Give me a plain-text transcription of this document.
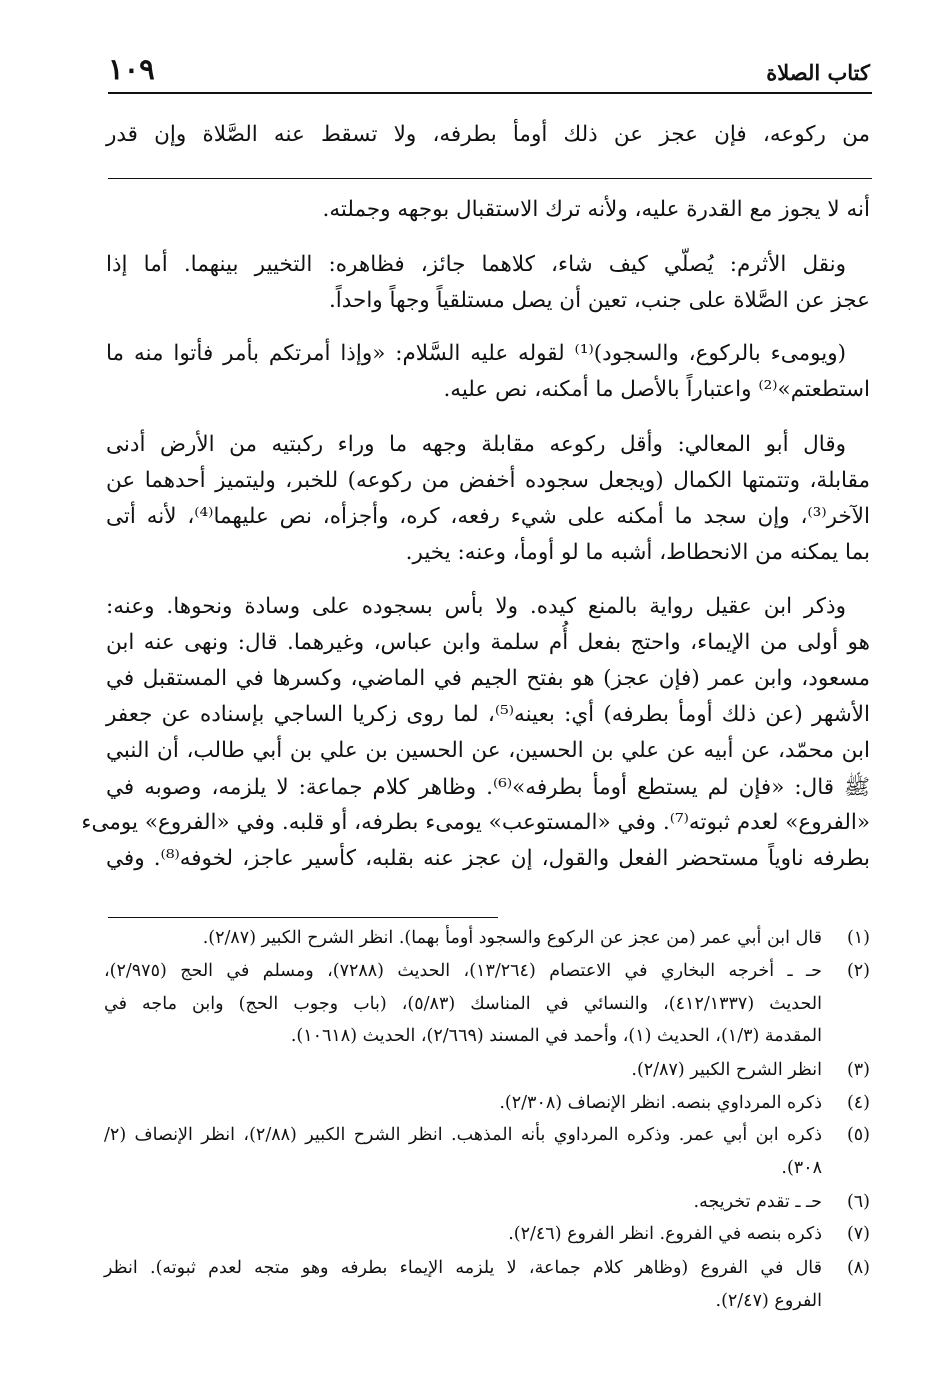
كتاب الصلاة
١٠٩
من ركوعه، فإن عجز عن ذلك أومأ بطرفه، ولا تسقط عنه الصَّلاة وإن قدر
أنه لا يجوز مع القدرة عليه، ولأنه ترك الاستقبال بوجهه وجملته.
ونقل الأثرم: يُصلّي كيف شاء، كلاهما جائز، فظاهره: التخيير بينهما. أما إذا
عجز عن الصَّلاة على جنب، تعين أن يصل مستلقياً وجهاً واحداً.
(ويومىء بالركوع، والسجود)⁽¹⁾ لقوله عليه السَّلام: «وإذا أمرتكم بأمر فأتوا منه ما
استطعتم»⁽²⁾ واعتباراً بالأصل ما أمكنه، نص عليه.
وقال أبو المعالي: وأقل ركوعه مقابلة وجهه ما وراء ركبتيه من الأرض أدنى
مقابلة، وتتمتها الكمال (ويجعل سجوده أخفض من ركوعه) للخبر، وليتميز أحدهما عن
الآخر⁽³⁾، وإن سجد ما أمكنه على شيء رفعه، كره، وأجزأه، نص عليهما⁽⁴⁾، لأنه أتى
بما يمكنه من الانحطاط، أشبه ما لو أومأ، وعنه: يخير.
وذكر ابن عقيل رواية بالمنع كيده. ولا بأس بسجوده على وسادة ونحوها. وعنه:
هو أولى من الإيماء، واحتج بفعل أُم سلمة وابن عباس، وغيرهما. قال: ونهى عنه ابن
مسعود، وابن عمر (فإن عجز) هو بفتح الجيم في الماضي، وكسرها في المستقبل في
الأشهر (عن ذلك أومأ بطرفه) أي: بعينه⁽⁵⁾، لما روى زكريا الساجي بإسناده عن جعفر
ابن محمّد، عن أبيه عن علي بن الحسين، عن الحسين بن علي بن أبي طالب، أن النبي
ﷺ قال: «فإن لم يستطع أومأ بطرفه»⁽⁶⁾. وظاهر كلام جماعة: لا يلزمه، وصوبه في
«الفروع» لعدم ثبوته⁽⁷⁾. وفي «المستوعب» يومىء بطرفه، أو قلبه. وفي «الفروع» يومىء
بطرفه ناوياً مستحضر الفعل والقول، إن عجز عنه بقلبه، كأسير عاجز، لخوفه⁽⁸⁾. وفي
(١)
قال ابن أبي عمر (من عجز عن الركوع والسجود أومأ بهما). انظر الشرح الكبير (٢/٨٧).
(٢)
حـ ـ أخرجه البخاري في الاعتصام (١٣/٢٦٤)، الحديث (٧٢٨٨)، ومسلم في الحج (٢/٩٧٥)،
الحديث (٤١٢/١٣٣٧)، والنسائي في المناسك (٥/٨٣)، (باب وجوب الحج) وابن ماجه في
المقدمة (١/٣)، الحديث (١)، وأحمد في المسند (٢/٦٦٩)، الحديث (١٠٦١٨).
(٣)
انظر الشرح الكبير (٢/٨٧).
(٤)
ذكره المرداوي بنصه. انظر الإنصاف (٢/٣٠٨).
(٥)
ذكره ابن أبي عمر. وذكره المرداوي بأنه المذهب. انظر الشرح الكبير (٢/٨٨)، انظر الإنصاف (٢/
٣٠٨).
(٦)
حـ ـ تقدم تخريجه.
(٧)
ذكره بنصه في الفروع. انظر الفروع (٢/٤٦).
(٨)
قال في الفروع (وظاهر كلام جماعة، لا يلزمه الإيماء بطرفه وهو متجه لعدم ثبوته). انظر
الفروع (٢/٤٧).
